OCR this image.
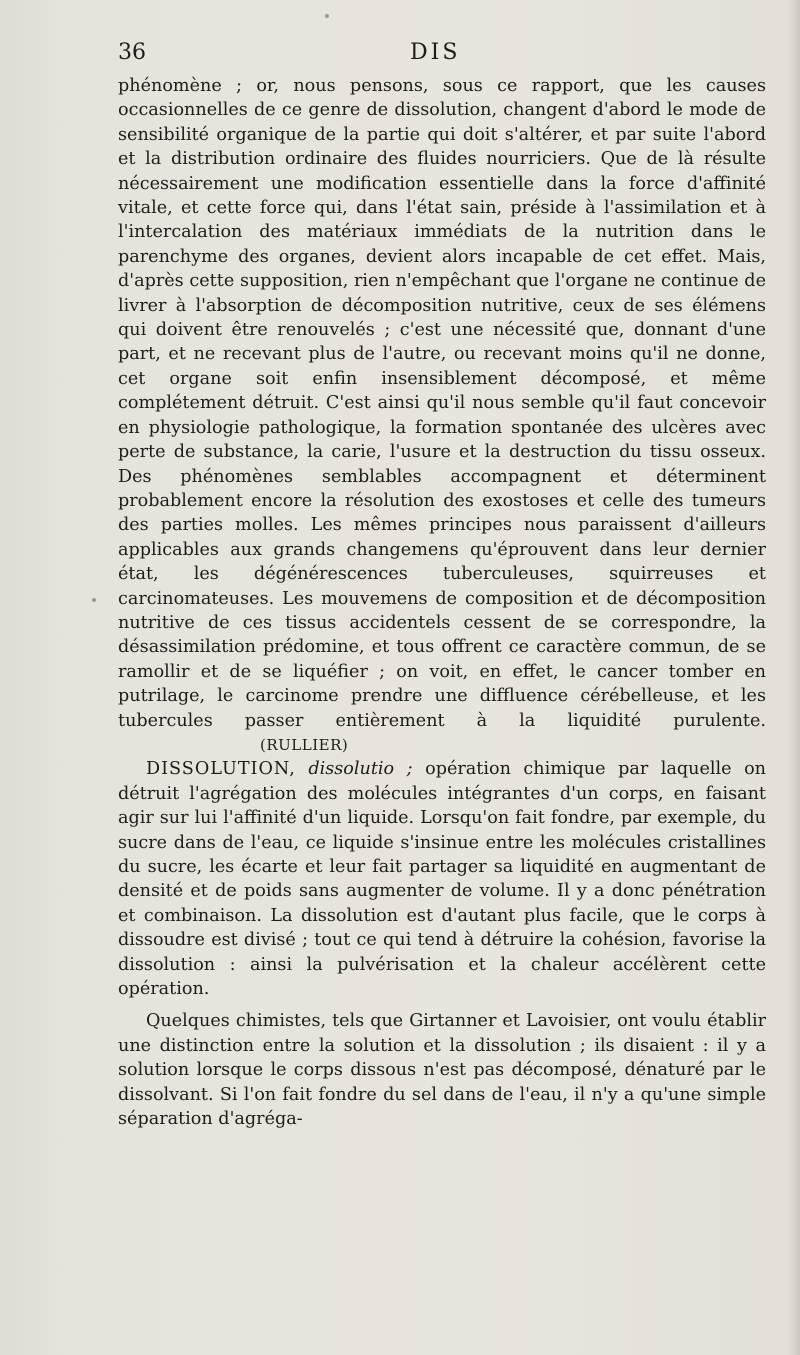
36	DIS

phénomène ; or, nous pensons, sous ce rapport, que les causes occasionnelles de ce genre de dissolution, changent d'abord le mode de sensibilité organique de la partie qui doit s'altérer, et par suite l'abord et la distribution ordinaire des fluides nourriciers. Que de là résulte nécessairement une modification essentielle dans la force d'affinité vitale, et cette force qui, dans l'état sain, préside à l'assimilation et à l'intercalation des matériaux immédiats de la nutrition dans le parenchyme des organes, devient alors incapable de cet effet. Mais, d'après cette supposition, rien n'empêchant que l'organe ne continue de livrer à l'absorption de décomposition nutritive, ceux de ses élémens qui doivent être renouvelés ; c'est une nécessité que, donnant d'une part, et ne recevant plus de l'autre, ou recevant moins qu'il ne donne, cet organe soit enfin insensiblement décomposé, et même complétement détruit. C'est ainsi qu'il nous semble qu'il faut concevoir en physiologie pathologique, la formation spontanée des ulcères avec perte de substance, la carie, l'usure et la destruction du tissu osseux. Des phénomènes semblables accompagnent et déterminent probablement encore la résolution des exostoses et celle des tumeurs des parties molles. Les mêmes principes nous paraissent d'ailleurs applicables aux grands changemens qu'éprouvent dans leur dernier état, les dégénérescences tuberculeuses, squirreuses et carcinomateuses. Les mouvemens de composition et de décomposition nutritive de ces tissus accidentels cessent de se correspondre, la désassimilation prédomine, et tous offrent ce caractère commun, de se ramollir et de se liquéfier ; on voit, en effet, le cancer tomber en putrilage, le carcinome prendre une diffluence cérébelleuse, et les tubercules passer entièrement à la liquidité purulente. (RULLIER)

DISSOLUTION, dissolutio ; opération chimique par laquelle on détruit l'agrégation des molécules intégrantes d'un corps, en faisant agir sur lui l'affinité d'un liquide. Lorsqu'on fait fondre, par exemple, du sucre dans de l'eau, ce liquide s'insinue entre les molécules cristallines du sucre, les écarte et leur fait partager sa liquidité en augmentant de densité et de poids sans augmenter de volume. Il y a donc pénétration et combinaison. La dissolution est d'autant plus facile, que le corps à dissoudre est divisé ; tout ce qui tend à détruire la cohésion, favorise la dissolution : ainsi la pulvérisation et la chaleur accélèrent cette opération.

Quelques chimistes, tels que Girtanner et Lavoisier, ont voulu établir une distinction entre la solution et la dissolution ; ils disaient : il y a solution lorsque le corps dissous n'est pas décomposé, dénaturé par le dissolvant. Si l'on fait fondre du sel dans de l'eau, il n'y a qu'une simple séparation d'agréga-
